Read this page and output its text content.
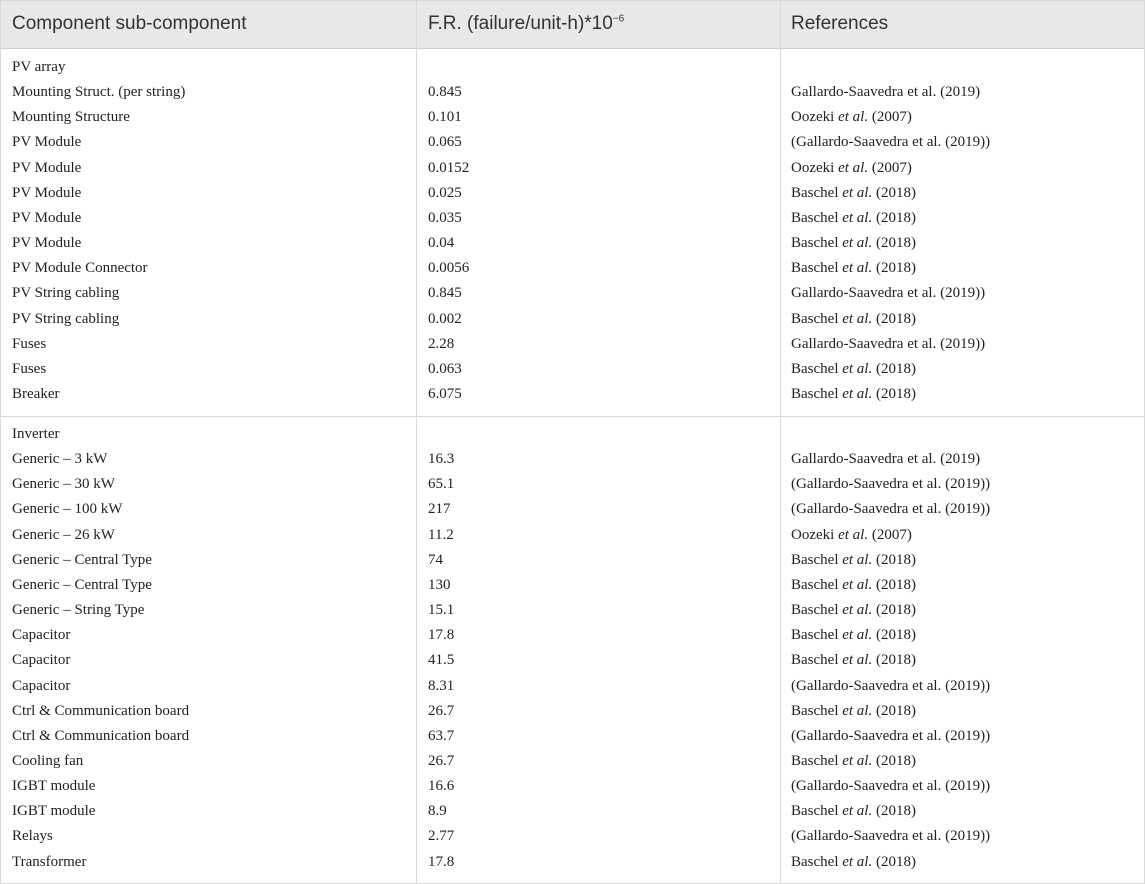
Component sub-component	F.R. $(failure/unit-h)*10^{-6}$	References
PV array
Mounting Struct. (per string)	0.845	Gallardo-Saavedra et al. (2019)
Mounting Structure	0.101	Oozeki et al. (2007)
PV Module	0.065	(Gallardo-Saavedra et al. (2019))
PV Module	0.0152	Oozeki et al. (2007)
PV Module	0.025	Baschel et al. (2018)
PV Module	0.035	Baschel et al. (2018)
PV Module	0.04	Baschel et al. (2018)
PV Module Connector	0.0056	Baschel et al. (2018)
PV String cabling	0.845	Gallardo-Saavedra et al. (2019))
PV String cabling	0.002	Baschel et al. (2018)
Fuses	2.28	Gallardo-Saavedra et al. (2019))
Fuses	0.063	Baschel et al. (2018)
Breaker	6.075	Baschel et al. (2018)
Inverter
Generic – 3 kW	16.3	Gallardo-Saavedra et al. (2019)
Generic – 30 kW	65.1	(Gallardo-Saavedra et al. (2019))
Generic – 100 kW	217	(Gallardo-Saavedra et al. (2019))
Generic – 26 kW	11.2	Oozeki et al. (2007)
Generic – Central Type	74	Baschel et al. (2018)
Generic – Central Type	130	Baschel et al. (2018)
Generic – String Type	15.1	Baschel et al. (2018)
Capacitor	17.8	Baschel et al. (2018)
Capacitor	41.5	Baschel et al. (2018)
Capacitor	8.31	(Gallardo-Saavedra et al. (2019))
Ctrl & Communication board	26.7	Baschel et al. (2018)
Ctrl & Communication board	63.7	(Gallardo-Saavedra et al. (2019))
Cooling fan	26.7	Baschel et al. (2018)
IGBT module	16.6	(Gallardo-Saavedra et al. (2019))
IGBT module	8.9	Baschel et al. (2018)
Relays	2.77	(Gallardo-Saavedra et al. (2019))
Transformer	17.8	Baschel et al. (2018)
